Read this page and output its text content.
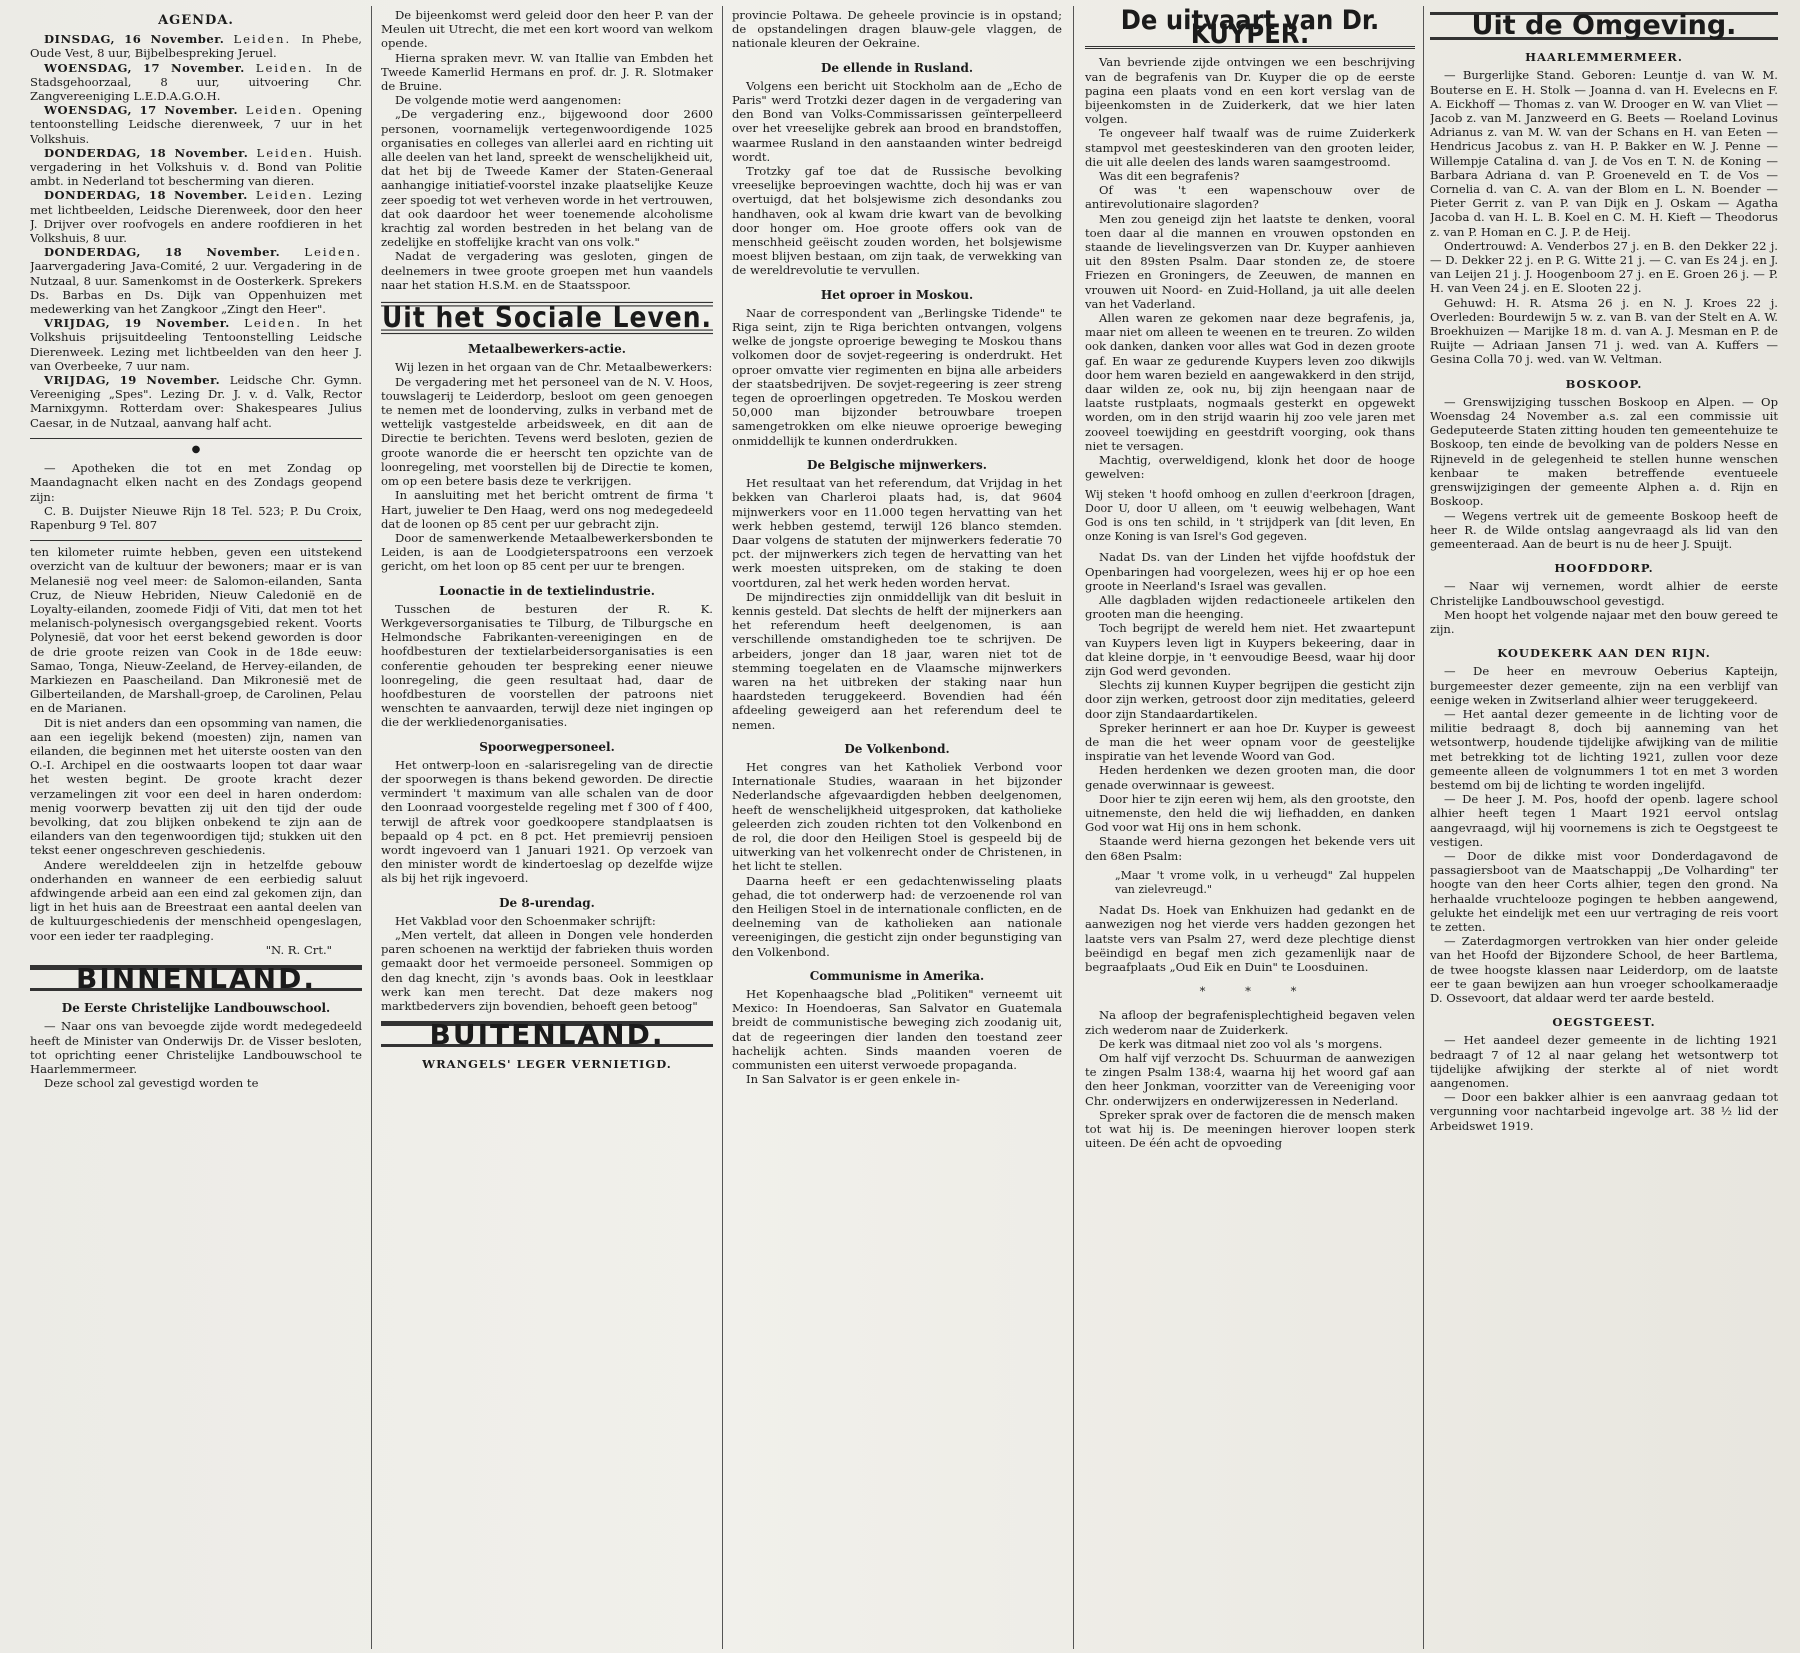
AGENDA.

DINSDAG, 16 November. Leiden. In Phebe, Oude Vest, 8 uur, Bijbelbespreking Jeruel.

WOENSDAG, 17 November. Leiden. In de Stadsgehoorzaal, 8 uur, uitvoering Chr. Zangvereeniging L.E.D.A.G.O.H.

WOENSDAG, 17 November. Leiden. Opening tentoonstelling Leidsche dierenweek, 7 uur in het Volkshuis.

DONDERDAG, 18 November. Leiden. Huish. vergadering in het Volkshuis v. d. Bond van Politie ambt. in Nederland tot bescherming van dieren.

DONDERDAG, 18 November. Leiden. Lezing met lichtbeelden, Leidsche Dierenweek, door den heer J. Drijver over roofvogels en andere roofdieren in het Volkshuis, 8 uur.

DONDERDAG, 18 November. Leiden. Jaarvergadering Java-Comité, 2 uur. Vergadering in de Nutzaal, 8 uur. Samenkomst in de Oosterkerk. Sprekers Ds. Barbas en Ds. Dijk van Oppenhuizen met medewerking van het Zangkoor „Zingt den Heer".

VRIJDAG, 19 November. Leiden. In het Volkshuis prijsuitdeeling Tentoonstelling Leidsche Dierenweek. Lezing met lichtbeelden van den heer J. van Overbeeke, 7 uur nam.

VRIJDAG, 19 November. Leidsche Chr. Gymn. Vereeniging „Spes". Lezing Dr. J. v. d. Valk, Rector Marnixgymn. Rotterdam over: Shakespeares Julius Caesar, in de Nutzaal, aanvang half acht.

●

— Apotheken die tot en met Zondag op Maandagnacht elken nacht en des Zondags geopend zijn:

C. B. Duijster Nieuwe Rijn 18 Tel. 523; P. Du Croix, Rapenburg 9 Tel. 807

ten kilometer ruimte hebben, geven een uitstekend overzicht van de kultuur der bewoners; maar er is van Melanesië nog veel meer: de Salomon-eilanden, Santa Cruz, de Nieuw Hebriden, Nieuw Caledonië en de Loyalty-eilanden, zoomede Fidji of Viti, dat men tot het melanisch-polynesisch overgangsgebied rekent. Voorts Polynesië, dat voor het eerst bekend geworden is door de drie groote reizen van Cook in de 18de eeuw: Samao, Tonga, Nieuw-Zeeland, de Hervey-eilanden, de Markiezen en Paascheiland. Dan Mikronesië met de Gilberteilanden, de Marshall-groep, de Carolinen, Pelau en de Marianen.

Dit is niet anders dan een opsomming van namen, die aan een iegelijk bekend (moesten) zijn, namen van eilanden, die beginnen met het uiterste oosten van den O.-I. Archipel en die oostwaarts loopen tot daar waar het westen begint. De groote kracht dezer verzamelingen zit voor een deel in haren onderdom: menig voorwerp bevatten zij uit den tijd der oude bevolking, dat zou blijken onbekend te zijn aan de eilanders van den tegenwoordigen tijd; stukken uit den tekst eener ongeschreven geschiedenis.

Andere werelddeelen zijn in hetzelfde gebouw onderhanden en wanneer de een eerbiedig saluut afdwingende arbeid aan een eind zal gekomen zijn, dan ligt in het huis aan de Breestraat een aantal deelen van de kultuurgeschiedenis der menschheid opengeslagen, voor een ieder ter raadpleging.

"N. R. Crt."

BINNENLAND.
De Eerste Christelijke Landbouwschool.

— Naar ons van bevoegde zijde wordt medegedeeld heeft de Minister van Onderwijs Dr. de Visser besloten, tot oprichting eener Christelijke Landbouwschool te Haarlemmermeer.

Deze school zal gevestigd worden te

De bijeenkomst werd geleid door den heer P. van der Meulen uit Utrecht, die met een kort woord van welkom opende.

Hierna spraken mevr. W. van Itallie van Embden het Tweede Kamerlid Hermans en prof. dr. J. R. Slotmaker de Bruine.

De volgende motie werd aangenomen:

„De vergadering enz., bijgewoond door 2600 personen, voornamelijk vertegenwoordigende 1025 organisaties en colleges van allerlei aard en richting uit alle deelen van het land, spreekt de wenschelijkheid uit, dat het bij de Tweede Kamer der Staten-Generaal aanhangige initiatief-voorstel inzake plaatselijke Keuze zeer spoedig tot wet verheven worde in het vertrouwen, dat ook daardoor het weer toenemende alcoholisme krachtig zal worden bestreden in het belang van de zedelijke en stoffelijke kracht van ons volk."

Nadat de vergadering was gesloten, gingen de deelnemers in twee groote groepen met hun vaandels naar het station H.S.M. en de Staatsspoor.

Uit het Sociale Leven.
Metaalbewerkers-actie.

Wij lezen in het orgaan van de Chr. Metaalbewerkers:

De vergadering met het personeel van de N. V. Hoos, touwslagerij te Leiderdorp, besloot om geen genoegen te nemen met de loonderving, zulks in verband met de wettelijk vastgestelde arbeidsweek, en dit aan de Directie te berichten. Tevens werd besloten, gezien de groote wanorde die er heerscht ten opzichte van de loonregeling, met voorstellen bij de Directie te komen, om op een betere basis deze te verkrijgen.

In aansluiting met het bericht omtrent de firma 't Hart, juwelier te Den Haag, werd ons nog medegedeeld dat de loonen op 85 cent per uur gebracht zijn.

Door de samenwerkende Metaalbewerkersbonden te Leiden, is aan de Loodgieterspatroons een verzoek gericht, om het loon op 85 cent per uur te brengen.

Loonactie in de textielindustrie.

Tusschen de besturen der R. K. Werkgeversorganisaties te Tilburg, de Tilburgsche en Helmondsche Fabrikanten-vereenigingen en de hoofdbesturen der textielarbeidersorganisaties is een conferentie gehouden ter bespreking eener nieuwe loonregeling, die geen resultaat had, daar de hoofdbesturen de voorstellen der patroons niet wenschten te aanvaarden, terwijl deze niet ingingen op die der werkliedenorganisaties.

Spoorwegpersoneel.

Het ontwerp-loon en -salarisregeling van de directie der spoorwegen is thans bekend geworden. De directie vermindert 't maximum van alle schalen van de door den Loonraad voorgestelde regeling met f 300 of f 400, terwijl de aftrek voor goedkoopere standplaatsen is bepaald op 4 pct. en 8 pct. Het premievrij pensioen wordt ingevoerd van 1 Januari 1921. Op verzoek van den minister wordt de kindertoeslag op dezelfde wijze als bij het rijk ingevoerd.

De 8-urendag.

Het Vakblad voor den Schoenmaker schrijft:

„Men vertelt, dat alleen in Dongen vele honderden paren schoenen na werktijd der fabrieken thuis worden gemaakt door het vermoeide personeel. Sommigen op den dag knecht, zijn 's avonds baas. Ook in leestklaar werk kan men terecht. Dat deze makers nog marktbedervers zijn bovendien, behoeft geen betoog"

BUITENLAND.
WRANGELS' LEGER VERNIETIGD.

provincie Poltawa. De geheele provincie is in opstand; de opstandelingen dragen blauw-gele vlaggen, de nationale kleuren der Oekraine.

De ellende in Rusland.

Volgens een bericht uit Stockholm aan de „Echo de Paris" werd Trotzki dezer dagen in de vergadering van den Bond van Volks-Commissarissen geïnterpelleerd over het vreeselijke gebrek aan brood en brandstoffen, waarmee Rusland in den aanstaanden winter bedreigd wordt.

Trotzky gaf toe dat de Russische bevolking vreeselijke beproevingen wachtte, doch hij was er van overtuigd, dat het bolsjewisme zich desondanks zou handhaven, ook al kwam drie kwart van de bevolking door honger om. Hoe groote offers ook van de menschheid geëischt zouden worden, het bolsjewisme moest blijven bestaan, om zijn taak, de verwekking van de wereldrevolutie te vervullen.

Het oproer in Moskou.

Naar de correspondent van „Berlingske Tidende" te Riga seint, zijn te Riga berichten ontvangen, volgens welke de jongste oproerige beweging te Moskou thans volkomen door de sovjet-regeering is onderdrukt. Het oproer omvatte vier regimenten en bijna alle arbeiders der staatsbedrijven. De sovjet-regeering is zeer streng tegen de oproerlingen opgetreden. Te Moskou werden 50,000 man bijzonder betrouwbare troepen samengetrokken om elke nieuwe oproerige beweging onmiddellijk te kunnen onderdrukken.

De Belgische mijnwerkers.

Het resultaat van het referendum, dat Vrijdag in het bekken van Charleroi plaats had, is, dat 9604 mijnwerkers voor en 11.000 tegen hervatting van het werk hebben gestemd, terwijl 126 blanco stemden. Daar volgens de statuten der mijnwerkers federatie 70 pct. der mijnwerkers zich tegen de hervatting van het werk moesten uitspreken, om de staking te doen voortduren, zal het werk heden worden hervat.

De mijndirecties zijn onmiddellijk van dit besluit in kennis gesteld. Dat slechts de helft der mijnerkers aan het referendum heeft deelgenomen, is aan verschillende omstandigheden toe te schrijven. De arbeiders, jonger dan 18 jaar, waren niet tot de stemming toegelaten en de Vlaamsche mijnwerkers waren na het uitbreken der staking naar hun haardsteden teruggekeerd. Bovendien had één afdeeling geweigerd aan het referendum deel te nemen.

De Volkenbond.

Het congres van het Katholiek Verbond voor Internationale Studies, waaraan in het bijzonder Nederlandsche afgevaardigden hebben deelgenomen, heeft de wenschelijkheid uitgesproken, dat katholieke geleerden zich zouden richten tot den Volkenbond en de rol, die door den Heiligen Stoel is gespeeld bij de uitwerking van het volkenrecht onder de Christenen, in het licht te stellen.

Daarna heeft er een gedachtenwisseling plaats gehad, die tot onderwerp had: de verzoenende rol van den Heiligen Stoel in de internationale conflicten, en de deelneming van de katholieken aan nationale vereenigingen, die gesticht zijn onder begunstiging van den Volkenbond.

Communisme in Amerika.

Het Kopenhaagsche blad „Politiken" verneemt uit Mexico: In Hoendoeras, San Salvator en Guatemala breidt de communistische beweging zich zoodanig uit, dat de regeeringen dier landen den toestand zeer hachelijk achten. Sinds maanden voeren de communisten een uiterst verwoede propaganda.

In San Salvator is er geen enkele in-

De uitvaart van Dr. KUYPER.

Van bevriende zijde ontvingen we een beschrijving van de begrafenis van Dr. Kuyper die op de eerste pagina een plaats vond en een kort verslag van de bijeenkomsten in de Zuiderkerk, dat we hier laten volgen.

Te ongeveer half twaalf was de ruime Zuiderkerk stampvol met geesteskinderen van den grooten leider, die uit alle deelen des lands waren saamgestroomd.

Was dit een begrafenis?

Of was 't een wapenschouw over de antirevolutionaire slagorden?

Men zou geneigd zijn het laatste te denken, vooral toen daar al die mannen en vrouwen opstonden en staande de lievelingsverzen van Dr. Kuyper aanhieven uit den 89sten Psalm. Daar stonden ze, de stoere Friezen en Groningers, de Zeeuwen, de mannen en vrouwen uit Noord- en Zuid-Holland, ja uit alle deelen van het Vaderland.

Allen waren ze gekomen naar deze begrafenis, ja, maar niet om alleen te weenen en te treuren. Zo wilden ook danken, danken voor alles wat God in dezen groote gaf. En waar ze gedurende Kuypers leven zoo dikwijls door hem waren bezield en aangewakkerd in den strijd, daar wilden ze, ook nu, bij zijn heengaan naar de laatste rustplaats, nogmaals gesterkt en opgewekt worden, om in den strijd waarin hij zoo vele jaren met zooveel toewijding en geestdrift voorging, ook thans niet te versagen.

Machtig, overweldigend, klonk het door de hooge gewelven:

Wij steken 't hoofd omhoog en zullen d'eerkroon [dragen, Door U, door U alleen, om 't eeuwig welbehagen, Want God is ons ten schild, in 't strijdperk van [dit leven, En onze Koning is van Isrel's God gegeven.

Nadat Ds. van der Linden het vijfde hoofdstuk der Openbaringen had voorgelezen, wees hij er op hoe een groote in Neerland's Israel was gevallen.

Alle dagbladen wijden redactioneele artikelen den grooten man die heenging.

Toch begrijpt de wereld hem niet. Het zwaartepunt van Kuypers leven ligt in Kuypers bekeering, daar in dat kleine dorpje, in 't eenvoudige Beesd, waar hij door zijn God werd gevonden.

Slechts zij kunnen Kuyper begrijpen die gesticht zijn door zijn werken, getroost door zijn meditaties, geleerd door zijn Standaardartikelen.

Spreker herinnert er aan hoe Dr. Kuyper is geweest de man die het weer opnam voor de geestelijke inspiratie van het levende Woord van God.

Heden herdenken we dezen grooten man, die door genade overwinnaar is geweest.

Door hier te zijn eeren wij hem, als den grootste, den uitnemenste, den held die wij liefhadden, en danken God voor wat Hij ons in hem schonk.

Staande werd hierna gezongen het bekende vers uit den 68en Psalm:

„Maar 't vrome volk, in u verheugd" Zal huppelen van zielevreugd."

Nadat Ds. Hoek van Enkhuizen had gedankt en de aanwezigen nog het vierde vers hadden gezongen het laatste vers van Psalm 27, werd deze plechtige dienst beëindigd en begaf men zich gezamenlijk naar de begraafplaats „Oud Eik en Duin" te Loosduinen.

* * *

Na afloop der begrafenisplechtigheid begaven velen zich wederom naar de Zuiderkerk.

De kerk was ditmaal niet zoo vol als 's morgens.

Om half vijf verzocht Ds. Schuurman de aanwezigen te zingen Psalm 138:4, waarna hij het woord gaf aan den heer Jonkman, voorzitter van de Vereeniging voor Chr. onderwijzers en onderwijzeressen in Nederland.

Spreker sprak over de factoren die de mensch maken tot wat hij is. De meeningen hierover loopen sterk uiteen. De één acht de opvoeding

Uit de Omgeving.
HAARLEMMERMEER.

— Burgerlijke Stand. Geboren: Leuntje d. van W. M. Bouterse en E. H. Stolk — Joanna d. van H. Evelecns en F. A. Eickhoff — Thomas z. van W. Drooger en W. van Vliet — Jacob z. van M. Janzweerd en G. Beets — Roeland Lovinus Adrianus z. van M. W. van der Schans en H. van Eeten — Hendricus Jacobus z. van H. P. Bakker en W. J. Penne — Willempje Catalina d. van J. de Vos en T. N. de Koning — Barbara Adriana d. van P. Groeneveld en T. de Vos — Cornelia d. van C. A. van der Blom en L. N. Boender — Pieter Gerrit z. van P. van Dijk en J. Oskam — Agatha Jacoba d. van H. L. B. Koel en C. M. H. Kieft — Theodorus z. van P. Homan en C. J. P. de Heij.

Ondertrouwd: A. Venderbos 27 j. en B. den Dekker 22 j. — D. Dekker 22 j. en P. G. Witte 21 j. — C. van Es 24 j. en J. van Leijen 21 j. J. Hoogenboom 27 j. en E. Groen 26 j. — P. H. van Veen 24 j. en E. Slooten 22 j.

Gehuwd: H. R. Atsma 26 j. en N. J. Kroes 22 j. Overleden: Bourdewijn 5 w. z. van B. van der Stelt en A. W. Broekhuizen — Marijke 18 m. d. van A. J. Mesman en P. de Ruijte — Adriaan Jansen 71 j. wed. van A. Kuffers — Gesina Colla 70 j. wed. van W. Veltman.

BOSKOOP.

— Grenswijziging tusschen Boskoop en Alpen. — Op Woensdag 24 November a.s. zal een commissie uit Gedeputeerde Staten zitting houden ten gemeentehuize te Boskoop, ten einde de bevolking van de polders Nesse en Rijneveld in de gelegenheid te stellen hunne wenschen kenbaar te maken betreffende eventueele grenswijzigingen der gemeente Alphen a. d. Rijn en Boskoop.

— Wegens vertrek uit de gemeente Boskoop heeft de heer R. de Wilde ontslag aangevraagd als lid van den gemeenteraad. Aan de beurt is nu de heer J. Spuijt.

HOOFDDORP.

— Naar wij vernemen, wordt alhier de eerste Christelijke Landbouwschool gevestigd.

Men hoopt het volgende najaar met den bouw gereed te zijn.

KOUDEKERK AAN DEN RIJN.

— De heer en mevrouw Oeberius Kapteijn, burgemeester dezer gemeente, zijn na een verblijf van eenige weken in Zwitserland alhier weer teruggekeerd.

— Het aantal dezer gemeente in de lichting voor de militie bedraagt 8, doch bij aanneming van het wetsontwerp, houdende tijdelijke afwijking van de militie met betrekking tot de lichting 1921, zullen voor deze gemeente alleen de volgnummers 1 tot en met 3 worden bestemd om bij de lichting te worden ingelijfd.

— De heer J. M. Pos, hoofd der openb. lagere school alhier heeft tegen 1 Maart 1921 eervol ontslag aangevraagd, wijl hij voornemens is zich te Oegstgeest te vestigen.

— Door de dikke mist voor Donderdagavond de passagiersboot van de Maatschappij „De Volharding" ter hoogte van den heer Corts alhier, tegen den grond. Na herhaalde vruchtelooze pogingen te hebben aangewend, gelukte het eindelijk met een uur vertraging de reis voort te zetten.

— Zaterdagmorgen vertrokken van hier onder geleide van het Hoofd der Bijzondere School, de heer Bartlema, de twee hoogste klassen naar Leiderdorp, om de laatste eer te gaan bewijzen aan hun vroeger schoolkameraadje D. Ossevoort, dat aldaar werd ter aarde besteld.

OEGSTGEEST.

— Het aandeel dezer gemeente in de lichting 1921 bedraagt 7 of 12 al naar gelang het wetsontwerp tot tijdelijke afwijking der sterkte al of niet wordt aangenomen.

— Door een bakker alhier is een aanvraag gedaan tot vergunning voor nachtarbeid ingevolge art. 38 ½ lid der Arbeidswet 1919.
